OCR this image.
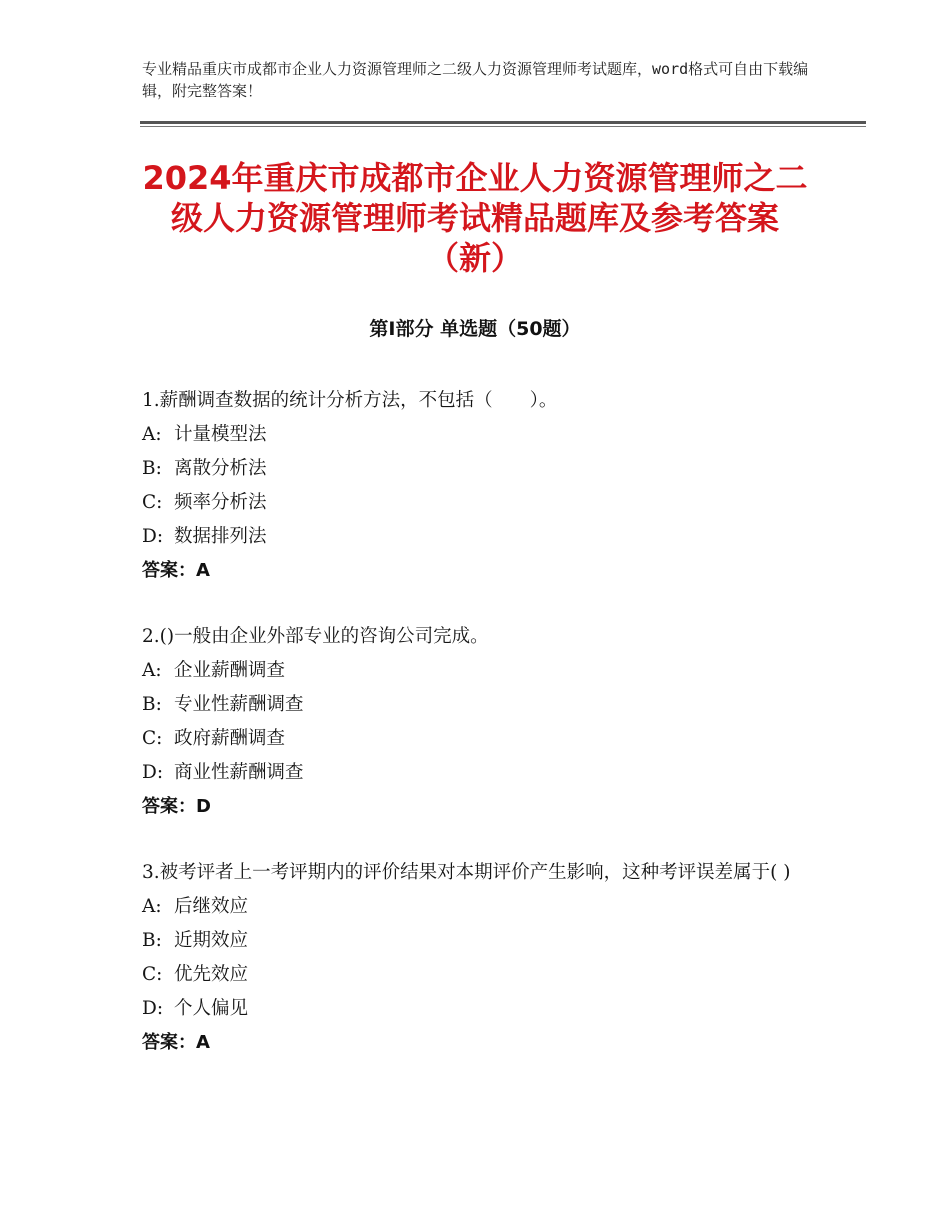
专业精品重庆市成都市企业人力资源管理师之二级人力资源管理师考试题库，word格式可自由下载编辑，附完整答案！
2024年重庆市成都市企业人力资源管理师之二级人力资源管理师考试精品题库及参考答案（新）
第Ⅰ部分 单选题（50题）

1.薪酬调查数据的统计分析方法，不包括（　　）。

A: 计量模型法

B: 离散分析法

C: 频率分析法

D: 数据排列法

答案：A

2.()一般由企业外部专业的咨询公司完成。

A: 企业薪酬调查

B: 专业性薪酬调查

C: 政府薪酬调查

D: 商业性薪酬调查

答案：D

3.被考评者上一考评期内的评价结果对本期评价产生影响，这种考评误差属于( )

A: 后继效应

B: 近期效应

C: 优先效应

D: 个人偏见

答案：A
